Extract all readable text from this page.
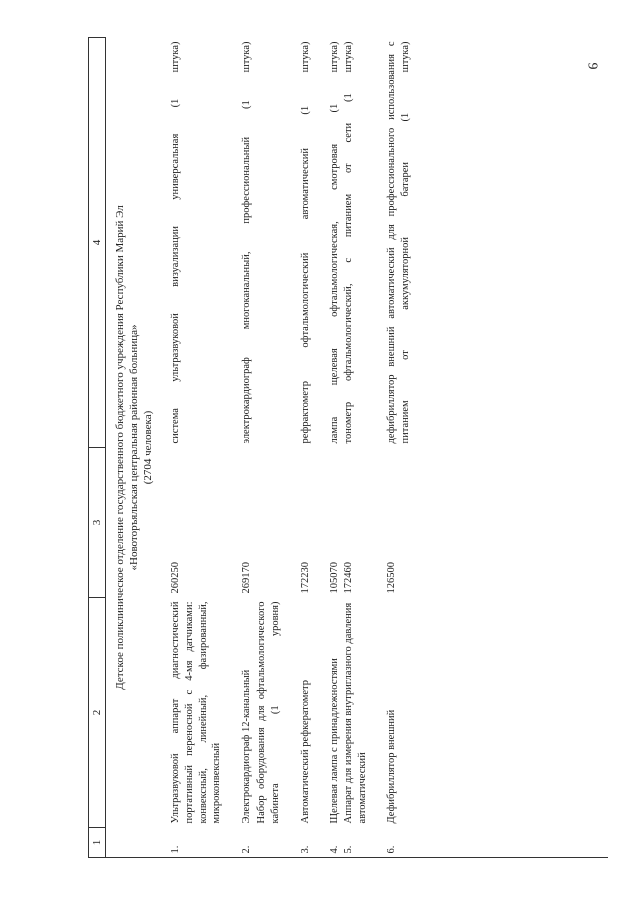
9
1	2	3	4

Детское поликлиническое отделение государственного бюджетного учреждения Республики Марий Эл «Новоторъяльская центральная районная больница» (2704 человека)			

1.	Ультразвуковой аппарат диагностический портативный переносной с 4-мя датчиками: конвексный, линейный, фазированный, микроконвексный	260250	система ультразвуковой визуализации универсальная (1 штука)

2.	Электрокардиограф 12-канальный	269170	электрокардиограф многоканальный, профессиональный (1 штука)

	Набор оборудования для офтальмологического кабинета (1 уровня)		

3.	Автоматический рефкератометр	172230	рефрактометр офтальмологический автоматический (1 штука)

4.	Щелевая лампа с принадлежностями	105070	лампа щелевая офтальмологическая, смотровая (1 штука)
5.	Аппарат для измерения внутриглазного давления автоматический	172460	тонометр офтальмологический, с питанием от сети (1 штука)

6.	Дефибриллятор внешний	126500	дефибриллятор внешний автоматический для профессионального использования с питанием от аккумуляторной батареи (1 штука)
